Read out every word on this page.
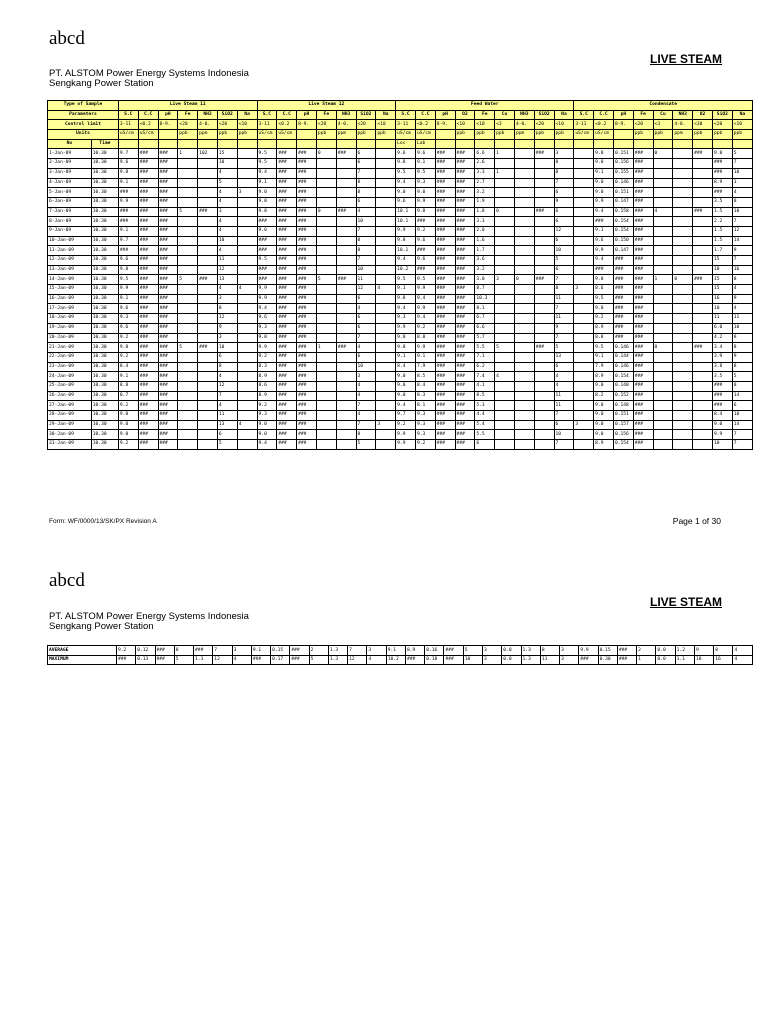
abcd
LIVE STEAM
PT. ALSTOM Power Energy Systems Indonesia
Sengkang Power Station
Type of Sample		Live Steam 11							Live Steam 12							Feed Water									Condensate								
Parameters		S.C	C.C	pH	Fe	NH3	SiO2	Na	S.C	C.C	pH	Fe	NH3	SiO2	Na	S.C	C.C	pH	O2	Fe	Cu	NH3	SiO2	Na	S.C	C.C	pH	Fe	Cu	NH3	O2	SiO2	Na
Control limit		3-11	<0.2	8-9.	<20	4-0.	<20	<10	3-11	<0.2	8-9.	<20	4-0.	<20	<10	3-11	<0.2	8-9.	<10	<10	<3	4-0.	<20	<10	3-11	<0.2	8-9.	<20	<3	4-0.	<30	<20	<10
Units		uS/cm	uS/cm		ppb	ppm	ppb	ppb	uS/cm	uS/cm		ppb	ppm	ppb	ppb	uS/cm	uS/cm		ppb	ppb	ppb	ppm	ppb	ppb	uS/cm	uS/cm		ppb	ppb	ppm	ppb	ppb	ppb
No	Time															Loc	Lab																
1-Jan-09	10.30	9.7	###	###	1	102	15		9.5	###	###	0	###	6		9.6	9.6	###	###	6.6	1		###	3		9.8	0.151	###	0		###	9.8	5
2-Jan-09	10.30	9.6	###	###			10		9.5	###	###			6		9.8	9.1	###	###	2.6				8		9.0	0.156	###				###	7
3-Jan-09	10.30	9.8	###	###			4		9.4	###	###			7		9.5	9.5	###	###	3.3	1			8		9.1	0.155	###				###	10
4-Jan-09	10.30	9.1	###	###			5		9.1	###	###			8		9.4	9.3	###	###	2.7				7		9.0	0.146	###				8.9	3
5-Jan-09	10.30	###	###	###			4	3	9.0	###	###			8		9.0	9.0	###	###	3.2				6		9.0	0.151	###				###	4
6-Jan-09	10.30	9.9	###	###			4		9.0	###	###			6		9.6	9.9	###	###	1.9				9		9.9	0.147	###				3.5	8
7-Jan-09	10.30	###	###	###	5	###	3		9.8	###	###	0	###	4		10.1	9.8	###	###	1.8	0		###	6		9.4	0.158	###	4		###	1.5	10
8-Jan-09	10.30	###	###	###			4		###	###	###			10		10.1	###	###	###	3.3				6		###	0.154	###				2.2	7
9-Jan-09	10.30	9.1	###	###			4		9.0	###	###			7		9.9	9.2	###	###	2.0				12		9.1	0.154	###				1.5	12
10-Jan-09	10.30	9.7	###	###			10		###	###	###			8		9.8	9.6	###	###	1.6				6		9.6	0.150	###				1.5	14
11-Jan-09	10.30	###	###	###			4		###	###	###			8		10.1	###	###	###	1.7				10		9.9	0.147	###				1.7	9
12-Jan-09	10.30	9.6	###	###			11		9.5	###	###			7		9.4	9.6	###	###	3.6				5		9.4	###	###				15	7
13-Jan-09	10.30	9.8	###	###			12		###	###	###			10		10.2	###	###	###	3.2				6		###	###	###				18	16
14-Jan-09	10.30	9.5	###	###	5	###	13		###	###	###	5	###	11		9.5	9.5	###	###	3.0	3	0	###	7		9.8	###	###	1	0	###	15	8
15-Jan-09	10.30	9.9	###	###			4	4	9.9	###	###			12	4	9.1	9.9	###	###	8.7				8	3	8.6	###	###				15	4
16-Jan-09	10.30	9.1	###	###			3		9.9	###	###			6		9.8	9.4	###	###	10.3				11		9.5	###	###				16	9
17-Jan-09	10.30	9.6	###	###			8		9.4	###	###			4		9.4	9.9	###	###	8.1				7		9.0	###	###				10	4
18-Jan-09	10.30	9.3	###	###			12		9.6	###	###			6		9.3	9.4	###	###	6.7				11		9.2	###	###				11	11
19-Jan-09	10.30	9.6	###	###			9		9.3	###	###			6		9.9	9.2	###	###	6.6				9		8.9	###	###				6.0	10
20-Jan-09	10.30	9.2	###	###			3		9.0	###	###			7		9.0	8.8	###	###	5.7				7		8.8	###	###				4.2	8
21-Jan-09	10.30	9.8	###	###	5	###	10		9.9	###	###	1	###	4		9.8	9.9	###	###	5.5	5		###	5		9.5	0.146	###	0		###	3.4	8
22-Jan-09	10.30	9.2	###	###			6		9.2	###	###			6		9.1	9.1	###	###	7.1				13		9.1	0.144	###				3.9	9
23-Jan-09	10.30	8.4	###	###			8		8.3	###	###			10		8.4	7.9	###	###	6.2				6		7.9	0.146	###				3.8	8
24-Jan-09	10.30	9.1	###	###			4		8.9	###	###			3		9.0	8.5	###	###	7.4	4			4		8.9	0.154	###				3.5	5
25-Jan-09	10.30	8.8	###	###			12		8.6	###	###			4		9.0	8.4	###	###	4.1				4		9.0	0.140	###				###	8
26-Jan-09	10.30	8.7	###	###			7		8.9	###	###			4		9.0	8.3	###	###	8.5				11		8.2	0.152	###				###	14
27-Jan-09	10.30	9.2	###	###			4		9.2	###	###			7		9.4	8.1	###	###	5.3				11		9.0	0.148	###				###	6
28-Jan-09	10.30	9.0	###	###			11		9.3	###	###			4		9.7	9.3	###	###	4.4				7		9.0	0.151	###				8.4	10
29-Jan-09	10.30	9.0	###	###			13	4	9.0	###	###			7	3	9.2	9.3	###	###	5.4				6	3	9.0	0.157	###				9.0	14
30-Jan-09	10.30	9.0	###	###			6		9.0	###	###			8		9.9	9.3	###	###	5.5				10		9.0	0.156	###				9.9	7
31-Jan-09	10.30	9.2	###	###			5		9.4	###	###			5		9.9	9.2	###	###	6				7		8.9	0.154	###				10	7
Form: WF/0000/13/SK/PX Revision A	Page 1 of 30
abcd
LIVE STEAM
PT. ALSTOM Power Energy Systems Indonesia
Sengkang Power Station
AVERAGE	9.2	0.12	###	8	###	7	3	9.1	0.15	###	2	1.3	7	3	9.1	8.9	0.16	###	5	3	0.0	1.3	8	3	9.9	0.15	###	2	0.0	1.2	9	8	4
MAXIMUM	###	0.13	###	5	1.1	12	4	###	0.17	###	5	1.3	12	4	10.2	###	0.18	###	10	3	0.0	1.3	11	3	###	0.30	###	1	0.0	1.1	18	16	4
